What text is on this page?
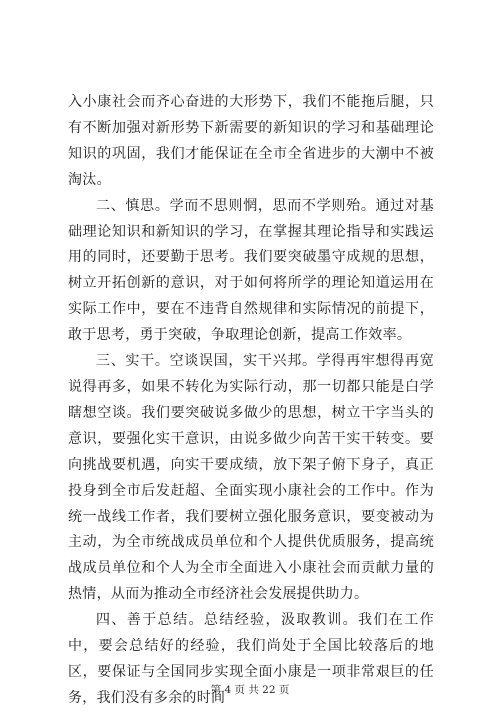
入小康社会而齐心奋进的大形势下，我们不能拖后腿，只有不断加强对新形势下新需要的新知识的学习和基础理论知识的巩固，我们才能保证在全市全省进步的大潮中不被淘汰。

二、慎思。学而不思则惘，思而不学则殆。通过对基础理论知识和新知识的学习，在掌握其理论指导和实践运用的同时，还要勤于思考。我们要突破墨守成规的思想，树立开拓创新的意识，对于如何将所学的理论知道运用在实际工作中，要在不违背自然规律和实际情况的前提下，敢于思考，勇于突破，争取理论创新，提高工作效率。

三、实干。空谈误国，实干兴邦。学得再牢想得再宽说得再多，如果不转化为实际行动，那一切都只能是白学瞎想空谈。我们要突破说多做少的思想，树立干字当头的意识，要强化实干意识，由说多做少向苦干实干转变。要向挑战要机遇，向实干要成绩，放下架子俯下身子，真正投身到全市后发赶超、全面实现小康社会的工作中。作为统一战线工作者，我们要树立强化服务意识，要变被动为主动，为全市统战成员单位和个人提供优质服务，提高统战成员单位和个人为全市全面进入小康社会而贡献力量的热情，从而为推动全市经济社会发展提供助力。

四、善于总结。总结经验，汲取教训。我们在工作中，要会总结好的经验，我们尚处于全国比较落后的地区，要保证与全国同步实现全面小康是一项非常艰巨的任务，我们没有多余的时间

第 4 页 共 22 页
